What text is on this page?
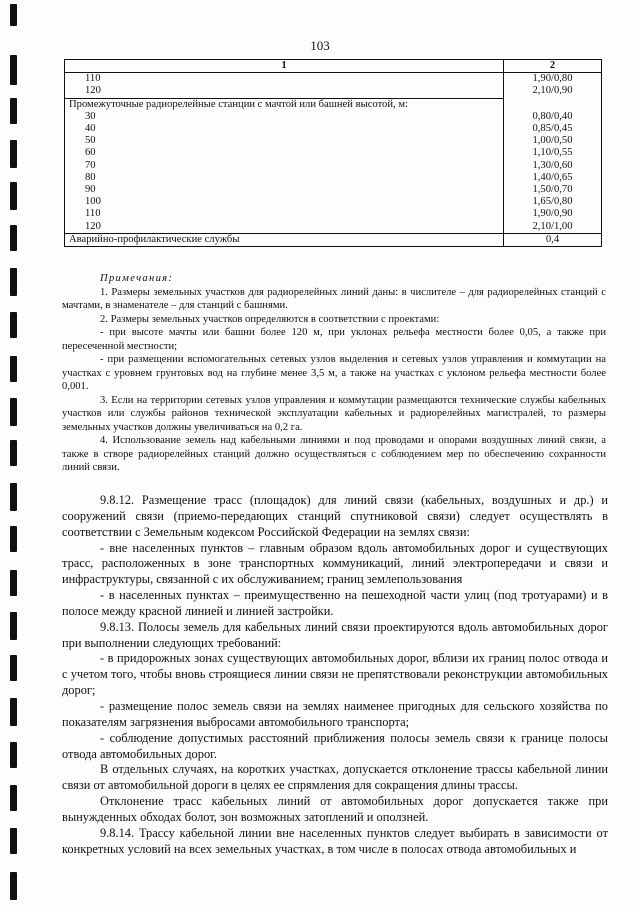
103
1	2
110	1,90/0,80
120	2,10/0,90
Промежуточные радиорелейные станции с мачтой или башней высотой, м:	
30	0,80/0,40
40	0,85/0,45
50	1,00/0,50
60	1,10/0,55
70	1,30/0,60
80	1,40/0,65
90	1,50/0,70
100	1,65/0,80
110	1,90/0,90
120	2,10/1,00
Аварийно-профилактические службы	0,4

Примечания:

1. Размеры земельных участков для радиорелейных линий даны: в числителе – для радиорелейных станций с мачтами, в знаменателе – для станций с башнями.

2. Размеры земельных участков определяются в соответствии с проектами:

- при высоте мачты или башни более 120 м, при уклонах рельефа местности более 0,05, а также при пересеченной местности;

- при размещении вспомогательных сетевых узлов выделения и сетевых узлов управления и коммутации на участках с уровнем грунтовых вод на глубине менее 3,5 м, а также на участках с уклоном рельефа местности более 0,001.

3. Если на территории сетевых узлов управления и коммутации размещаются технические службы кабельных участков или службы районов технической эксплуатации кабельных и радиорелейных магистралей, то размеры земельных участков должны увеличиваться на 0,2 га.

4. Использование земель над кабельными линиями и под проводами и опорами воздушных линий связи, а также в створе радиорелейных станций должно осуществляться с соблюдением мер по обеспечению сохранности линий связи.

9.8.12. Размещение трасс (площадок) для линий связи (кабельных, воздушных и др.) и сооружений связи (приемо-передающих станций спутниковой связи) следует осуществлять в соответствии с Земельным кодексом Российской Федерации на землях связи:

- вне населенных пунктов – главным образом вдоль автомобильных дорог и существующих трасс, расположенных в зоне транспортных коммуникаций, линий электропередачи и связи и инфраструктуры, связанной с их обслуживанием; границ землепользования

- в населенных пунктах – преимущественно на пешеходной части улиц (под тротуарами) и в полосе между красной линией и линией застройки.

9.8.13. Полосы земель для кабельных линий связи проектируются вдоль автомобильных дорог при выполнении следующих требований:

- в придорожных зонах существующих автомобильных дорог, вблизи их границ полос отвода и с учетом того, чтобы вновь строящиеся линии связи не препятствовали реконструкции автомобильных дорог;

- размещение полос земель связи на землях наименее пригодных для сельского хозяйства по показателям загрязнения выбросами автомобильного транспорта;

- соблюдение допустимых расстояний приближения полосы земель связи к границе полосы отвода автомобильных дорог.

В отдельных случаях, на коротких участках, допускается отклонение трассы кабельной линии связи от автомобильной дороги в целях ее спрямления для сокращения длины трассы.

Отклонение трасс кабельных линий от автомобильных дорог допускается также при вынужденных обходах болот, зон возможных затоплений и оползней.

9.8.14. Трассу кабельной линии вне населенных пунктов следует выбирать в зависимости от конкретных условий на всех земельных участках, в том числе в полосах отвода автомобильных и
